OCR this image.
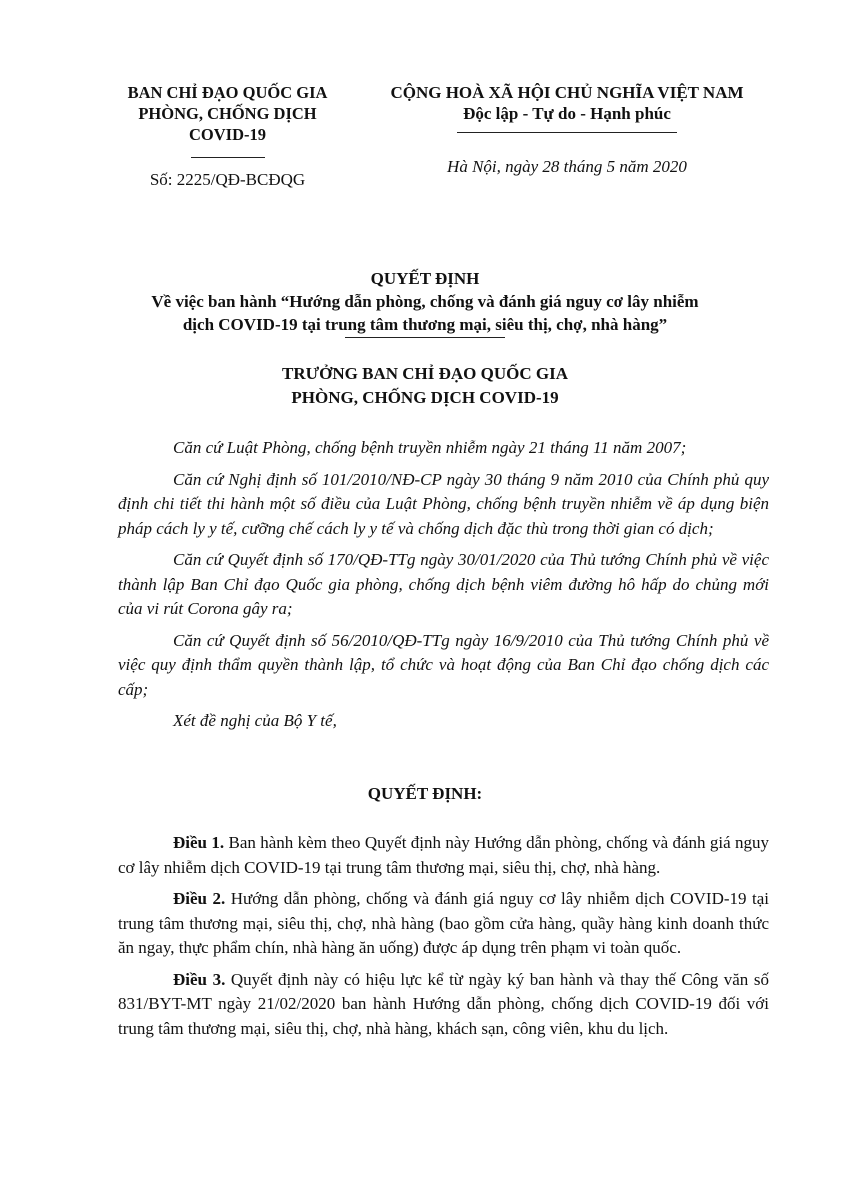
BAN CHỈ ĐẠO QUỐC GIA
PHÒNG, CHỐNG DỊCH
COVID-19
Số: 2225/QĐ-BCĐQG
CỘNG HOÀ XÃ HỘI CHỦ NGHĨA VIỆT NAM
Độc lập - Tự do - Hạnh phúc
Hà Nội, ngày 28 tháng 5 năm 2020
QUYẾT ĐỊNH
Về việc ban hành “Hướng dẫn phòng, chống và đánh giá nguy cơ lây nhiễm
dịch COVID-19 tại trung tâm thương mại, siêu thị, chợ, nhà hàng”
TRƯỞNG BAN CHỈ ĐẠO QUỐC GIA
PHÒNG, CHỐNG DỊCH COVID-19

Căn cứ Luật Phòng, chống bệnh truyền nhiễm ngày 21 tháng 11 năm 2007;

Căn cứ Nghị định số 101/2010/NĐ-CP ngày 30 tháng 9 năm 2010 của Chính phủ quy định chi tiết thi hành một số điều của Luật Phòng, chống bệnh truyền nhiễm về áp dụng biện pháp cách ly y tế, cưỡng chế cách ly y tế và chống dịch đặc thù trong thời gian có dịch;

Căn cứ Quyết định số 170/QĐ-TTg ngày 30/01/2020 của Thủ tướng Chính phủ về việc thành lập Ban Chỉ đạo Quốc gia phòng, chống dịch bệnh viêm đường hô hấp do chủng mới của vi rút Corona gây ra;

Căn cứ Quyết định số 56/2010/QĐ-TTg ngày 16/9/2010 của Thủ tướng Chính phủ về việc quy định thẩm quyền thành lập, tổ chức và hoạt động của Ban Chỉ đạo chống dịch các cấp;

Xét đề nghị của Bộ Y tế,

QUYẾT ĐỊNH:

Điều 1. Ban hành kèm theo Quyết định này Hướng dẫn phòng, chống và đánh giá nguy cơ lây nhiễm dịch COVID-19 tại trung tâm thương mại, siêu thị, chợ, nhà hàng.

Điều 2. Hướng dẫn phòng, chống và đánh giá nguy cơ lây nhiễm dịch COVID-19 tại trung tâm thương mại, siêu thị, chợ, nhà hàng (bao gồm cửa hàng, quầy hàng kinh doanh thức ăn ngay, thực phẩm chín, nhà hàng ăn uống) được áp dụng trên phạm vi toàn quốc.

Điều 3. Quyết định này có hiệu lực kể từ ngày ký ban hành và thay thế Công văn số 831/BYT-MT ngày 21/02/2020 ban hành Hướng dẫn phòng, chống dịch COVID-19 đối với trung tâm thương mại, siêu thị, chợ, nhà hàng, khách sạn, công viên, khu du lịch.
